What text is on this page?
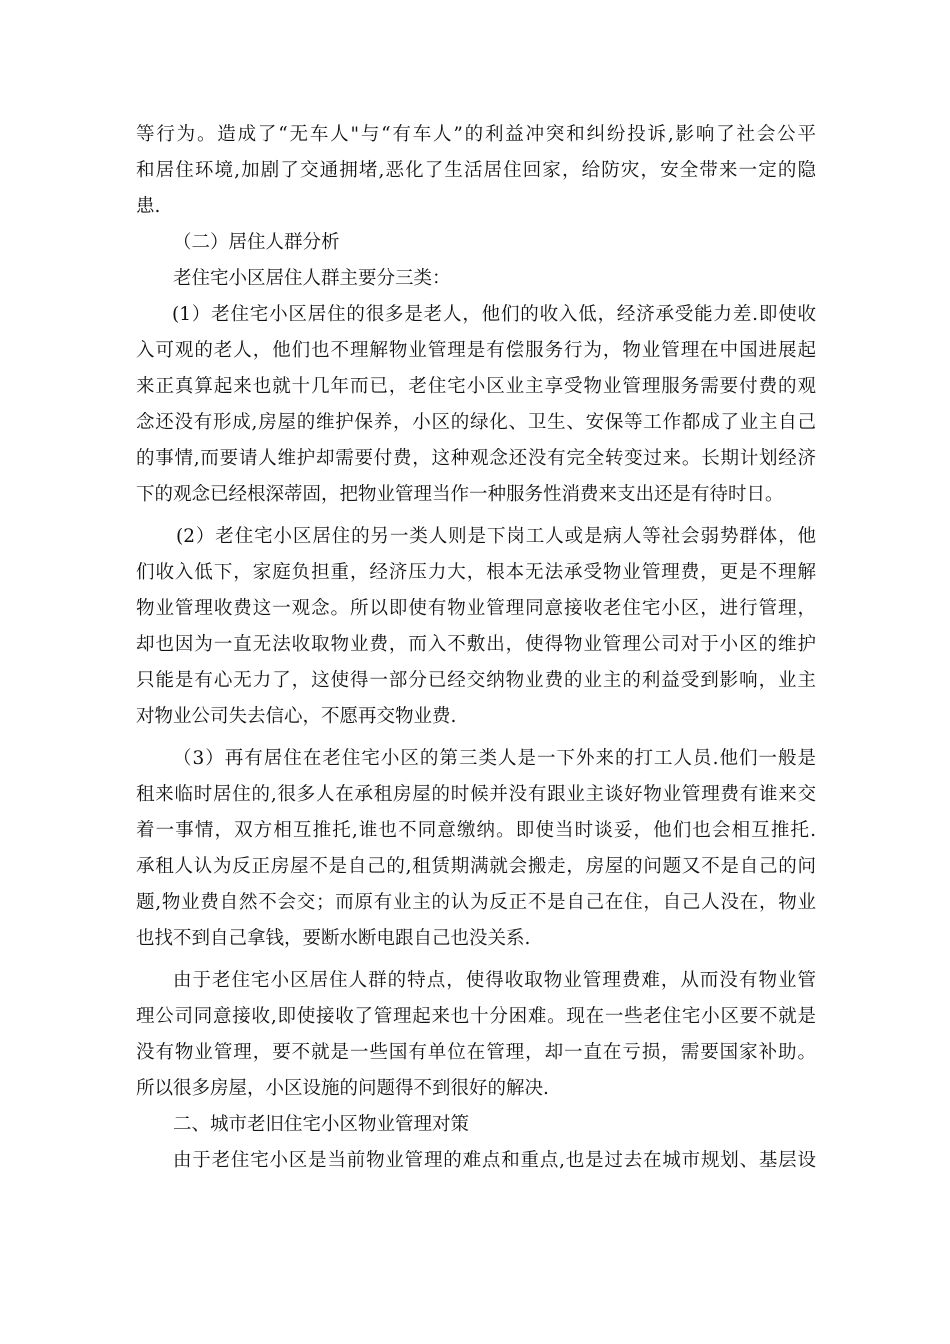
等行为。造成了“无车人"与“有车人”的利益冲突和纠纷投诉,影响了社会公平
和居住环境,加剧了交通拥堵,恶化了生活居住回家，给防灾，安全带来一定的隐
患.
（二）居住人群分析
老住宅小区居住人群主要分三类：
(1）老住宅小区居住的很多是老人，他们的收入低，经济承受能力差.即使收
入可观的老人，他们也不理解物业管理是有偿服务行为，物业管理在中国进展起
来正真算起来也就十几年而已，老住宅小区业主享受物业管理服务需要付费的观
念还没有形成,房屋的维护保养，小区的绿化、卫生、安保等工作都成了业主自己
的事情,而要请人维护却需要付费，这种观念还没有完全转变过来。长期计划经济
下的观念已经根深蒂固，把物业管理当作一种服务性消费来支出还是有待时日。
(2）老住宅小区居住的另一类人则是下岗工人或是病人等社会弱势群体，他
们收入低下，家庭负担重，经济压力大，根本无法承受物业管理费，更是不理解
物业管理收费这一观念。所以即使有物业管理同意接收老住宅小区，进行管理，
却也因为一直无法收取物业费，而入不敷出，使得物业管理公司对于小区的维护
只能是有心无力了，这使得一部分已经交纳物业费的业主的利益受到影响，业主
对物业公司失去信心，不愿再交物业费.
（3）再有居住在老住宅小区的第三类人是一下外来的打工人员.他们一般是
租来临时居住的,很多人在承租房屋的时候并没有跟业主谈好物业管理费有谁来交
着一事情，双方相互推托,谁也不同意缴纳。即使当时谈妥，他们也会相互推托.
承租人认为反正房屋不是自己的,租赁期满就会搬走，房屋的问题又不是自己的问
题,物业费自然不会交；而原有业主的认为反正不是自己在住，自己人没在，物业
也找不到自己拿钱，要断水断电跟自己也没关系.
由于老住宅小区居住人群的特点，使得收取物业管理费难，从而没有物业管
理公司同意接收,即使接收了管理起来也十分困难。现在一些老住宅小区要不就是
没有物业管理，要不就是一些国有单位在管理，却一直在亏损，需要国家补助。
所以很多房屋，小区设施的问题得不到很好的解决.
二、城市老旧住宅小区物业管理对策
由于老住宅小区是当前物业管理的难点和重点,也是过去在城市规划、基层设
